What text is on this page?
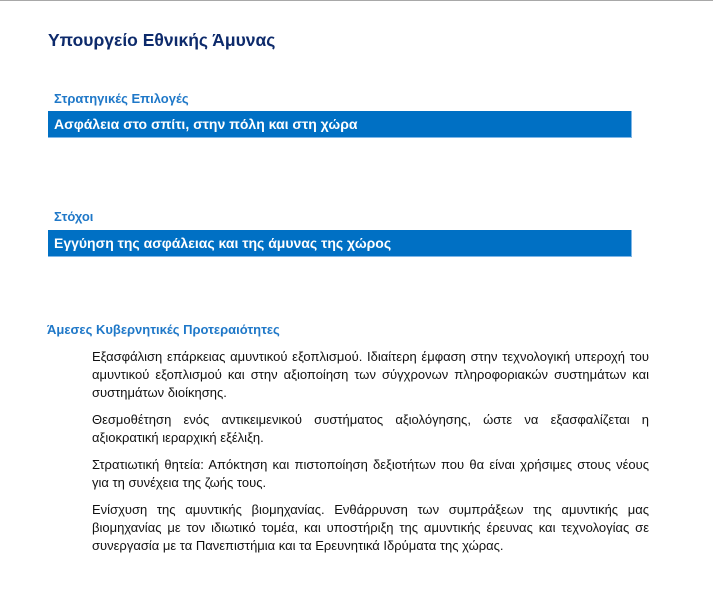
Υπουργείο Εθνικής Άμυνας
Στρατηγικές Επιλογές
Ασφάλεια στο σπίτι, στην πόλη και στη χώρα
Στόχοι
Εγγύηση της ασφάλειας και της άμυνας της χώρος
Άμεσες Κυβερνητικές Προτεραιότητες

Εξασφάλιση επάρκειας αμυντικού εξοπλισμού. Ιδιαίτερη έμφαση στην τεχνολογική υπεροχή του αμυντικού εξοπλισμού και στην αξιοποίηση των σύγχρονων πληροφοριακών συστημάτων και συστημάτων διοίκησης.

Θεσμοθέτηση ενός αντικειμενικού συστήματος αξιολόγησης, ώστε να εξασφαλίζεται η αξιοκρατική ιεραρχική εξέλιξη.

Στρατιωτική θητεία: Απόκτηση και πιστοποίηση δεξιοτήτων που θα είναι χρήσιμες στους νέους για τη συνέχεια της ζωής τους.

Ενίσχυση της αμυντικής βιομηχανίας. Ενθάρρυνση των συμπράξεων της αμυντικής μας βιομηχανίας με τον ιδιωτικό τομέα, και υποστήριξη της αμυντικής έρευνας και τεχνολογίας σε συνεργασία με τα Πανεπιστήμια και τα Ερευνητικά Ιδρύματα της χώρας.
